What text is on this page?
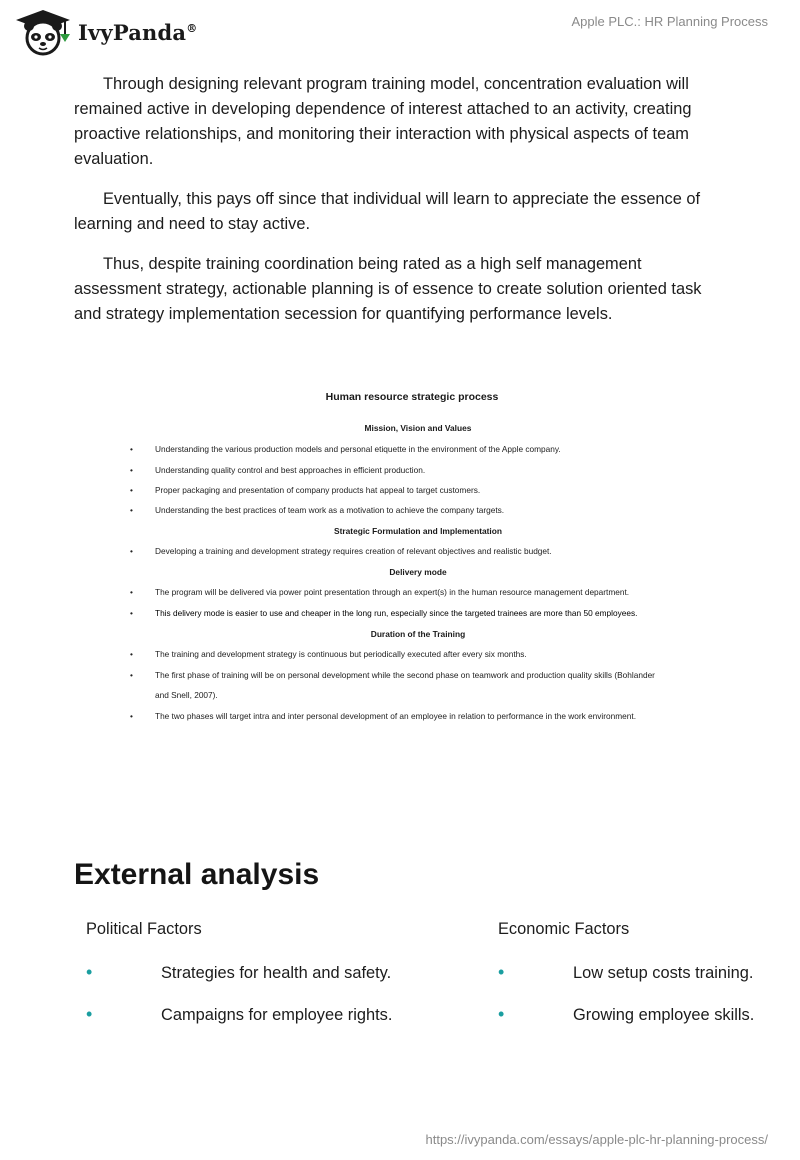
IvyPanda®	Apple PLC.: HR Planning Process

Through designing relevant program training model, concentration evaluation will remained active in developing dependence of interest attached to an activity, creating proactive relationships, and monitoring their interaction with physical aspects of team evaluation.

Eventually, this pays off since that individual will learn to appreciate the essence of learning and need to stay active.

Thus, despite training coordination being rated as a high self management assessment strategy, actionable planning is of essence to create solution oriented task and strategy implementation secession for quantifying performance levels.

Human resource strategic process
Mission, Vision and Values
•	Understanding the various production models and personal etiquette in the environment of the Apple company.
•	Understanding quality control and best approaches in efficient production.
•	Proper packaging and presentation of company products hat appeal to target customers.
•	Understanding the best practices of team work as a motivation to achieve the company targets.
Strategic Formulation and Implementation
•	Developing a training and development strategy requires creation of relevant objectives and realistic budget.
Delivery mode
•	The program will be delivered via power point presentation through an expert(s) in the human resource management department.
•	This delivery mode is easier to use and cheaper in the long run, especially since the targeted trainees are more than 50 employees.
Duration of the Training
•	The training and development strategy is continuous but periodically executed after every six months.
•	The first phase of training will be on personal development while the second phase on teamwork and production quality skills (Bohlander
and Snell, 2007).
•	The two phases will target intra and inter personal development of an employee in relation to performance in the work environment.
External analysis
Political Factors
•	Strategies for health and safety.
•	Campaigns for employee rights.
Economic Factors
•	Low setup costs training.
•	Growing employee skills.
https://ivypanda.com/essays/apple-plc-hr-planning-process/
